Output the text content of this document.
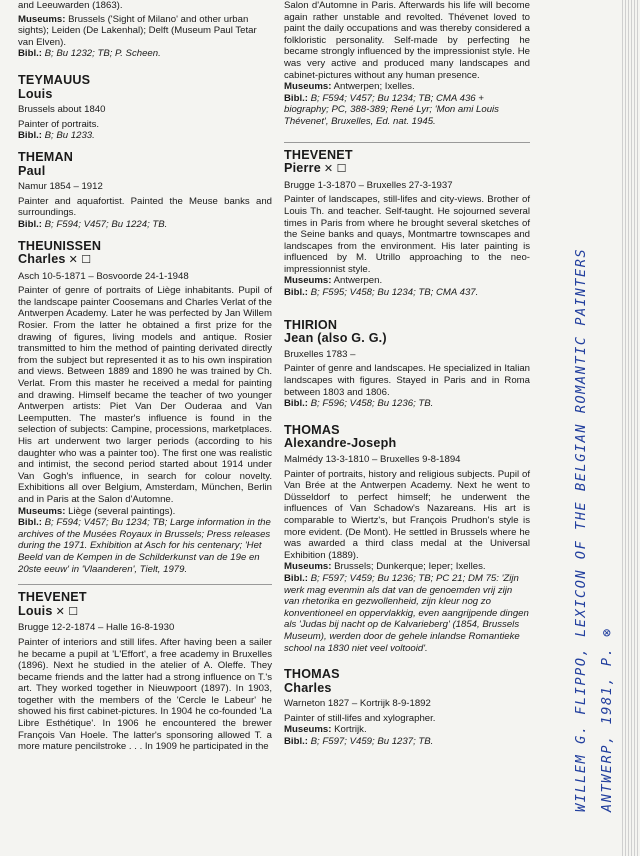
and Leeuwarden (1863).

Museums: Brussels ('Sight of Milano' and other urban sights); Leiden (De Lakenhal); Delft (Museum Paul Tetar van Elven).

Bibl.: B; Bu 1232; TB; P. Scheen.

TEYMAUUS
Louis

Brussels about 1840

Painter of portraits.

Bibl.: B; Bu 1233.

THEMAN
Paul

Namur 1854 – 1912

Painter and aquafortist. Painted the Meuse banks and surroundings.

Bibl.: B; F594; V457; Bu 1224; TB.

THEUNISSEN
Charles ✕ ☐

Asch 10-5-1871 – Bosvoorde 24-1-1948

Painter of genre of portraits of Liège inhabitants. Pupil of the landscape painter Coosemans and Charles Verlat of the Antwerpen Academy. Later he was perfected by Jan Willem Rosier. From the latter he obtained a first prize for the drawing of figures, living models and antique. Rosier transmitted to him the method of painting derivated directly from the subject but represented it as to his own inspiration and views. Between 1889 and 1890 he was trained by Ch. Verlat. From this master he received a medal for painting and drawing. Himself became the teacher of two younger Antwerpen artists: Piet Van Der Ouderaa and Van Leemputten. The master's influence is found in the selection of subjects: Campine, processions, marketplaces. His art underwent two larger periods (according to his daughter who was a painter too). The first one was realistic and intimist, the second period started about 1914 under Van Gogh's influence, in search for colour novelty. Exhibitions all over Belgium, Amsterdam, München, Berlin and in Paris at the Salon d'Automne.

Museums: Liège (several paintings).

Bibl.: B; F594; V457; Bu 1234; TB; Large information in the archives of the Musées Royaux in Brussels; Press releases during the 1971. Exhibition at Asch for his centenary; 'Het Beeld van de Kempen in de Schilderkunst van de 19e en 20ste eeuw' in 'Vlaanderen', Tielt, 1979.

THEVENET
Louis ✕ ☐

Brugge 12-2-1874 – Halle 16-8-1930

Painter of interiors and still lifes. After having been a sailer he became a pupil at 'L'Effort', a free academy in Bruxelles (1896). Next he studied in the atelier of A. Oleffe. They became friends and the latter had a strong influence on T.'s art. They worked together in Nieuwpoort (1897). In 1903, together with the members of the 'Cercle le Labeur' he showed his first cabinet-pictures. In 1904 he co-founded 'La Libre Esthétique'. In 1906 he encountered the brewer François Van Hoele. The latter's sponsoring allowed T. a more mature pencilstroke . . . In 1909 he participated in the

Salon d'Automne in Paris. Afterwards his life will become again rather unstable and revolted. Thévenet loved to paint the daily occupations and was thereby considered a folkloristic personality. Self-made by perfecting he became strongly influenced by the impressionist style. He was very active and produced many landscapes and cabinet-pictures without any human presence.

Museums: Antwerpen; Ixelles.

Bibl.: B; F594; V457; Bu 1234; TB; CMA 436 + biography; PC, 388-389; René Lyr; 'Mon ami Louis Thévenet', Bruxelles, Ed. nat. 1945.

THEVENET
Pierre ✕ ☐

Brugge 1-3-1870 – Bruxelles 27-3-1937

Painter of landscapes, still-lifes and city-views. Brother of Louis Th. and teacher. Self-taught. He sojourned several times in Paris from where he brought several sketches of the Seine banks and quays, Montmartre townscapes and landscapes from the environment. His later painting is influenced by M. Utrillo approaching to the neo-impressionnist style.

Museums: Antwerpen.

Bibl.: B; F595; V458; Bu 1234; TB; CMA 437.

THIRION
Jean (also G. G.)

Bruxelles 1783 –

Painter of genre and landscapes. He specialized in Italian landscapes with figures. Stayed in Paris and in Roma between 1803 and 1806.

Bibl.: B; F596; V458; Bu 1236; TB.

THOMAS
Alexandre-Joseph

Malmédy 13-3-1810 – Bruxelles 9-8-1894

Painter of portraits, history and religious subjects. Pupil of Van Brée at the Antwerpen Academy. Next he went to Düsseldorf to perfect himself; he underwent the influences of Van Schadow's Nazareans. His art is comparable to Wiertz's, but François Prudhon's style is more evident. (De Mont). He settled in Brussels where he was awarded a third class medal at the Universal Exhibition (1889).

Museums: Brussels; Dunkerque; Ieper; Ixelles.

Bibl.: B; F597; V459; Bu 1236; TB; PC 21; DM 75: 'Zijn werk mag evenmin als dat van de genoemden vrij zijn van rhetorika en gezwollenheid, zijn kleur nog zo konventioneel en oppervlakkig, even aangrijpende dingen als 'Judas bij nacht op de Kalvarieberg' (1854, Brussels Museum), werden door de gehele inlandse Romantieke school na 1830 niet veel voltooid'.

THOMAS
Charles

Warneton 1827 – Kortrijk 8-9-1892

Painter of still-lifes and xylographer.

Museums: Kortrijk.

Bibl.: B; F597; V459; Bu 1237; TB.	WILLEM G. FLIPPO, LEXICON OF THE BELGIAN ROMANTIC PAINTERS ANTWERP, 1981, P. ⊗
